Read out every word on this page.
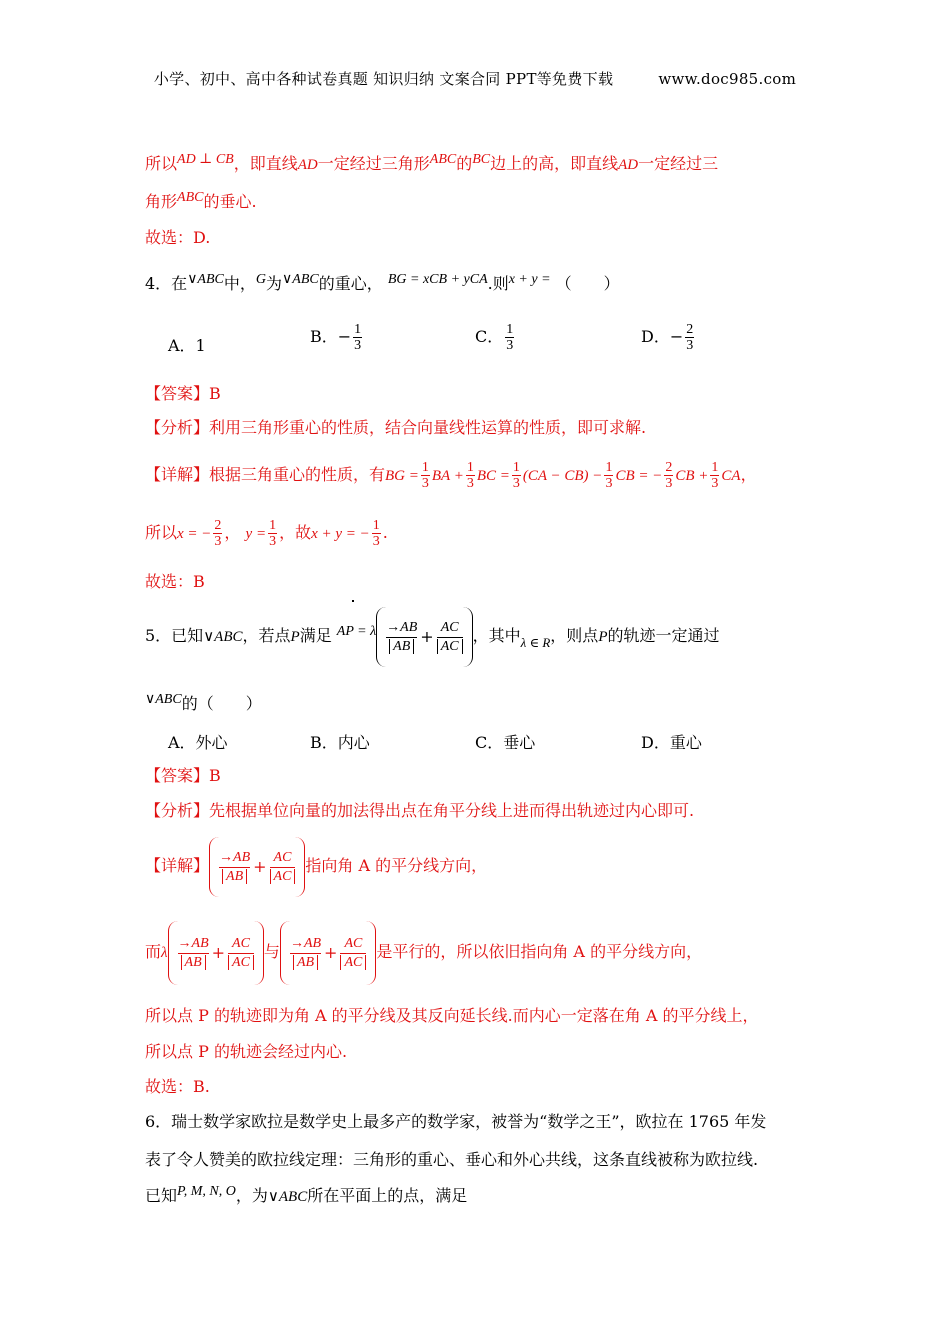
小学、初中、高中各种试卷真题 知识归纳 文案合同 PPT等免费下载	www.doc985.com
所以AD ⊥ CB，即直线AD一定经过三角形ABC的BC边上的高，即直线AD一定经过三
角形ABC的垂心.
故选：D.
4．在∨ABC中，G为∨ABC的重心， BG = xCB + yCA.则x + y = （　　）
A．1	B．− $\frac{1}{3}$	C． $\frac{1}{3}$	D．− $\frac{2}{3}$
【答案】B
【分析】利用三角形重心的性质，结合向量线性运算的性质，即可求解.
【详解】根据三角重心的性质，有BG = $\frac{1}{3}$ BA + $\frac{1}{3}$ BC = $\frac{1}{3} (CA - CB) - \frac{1}{3}$ CB = − $\frac{2}{3}$ CB + $\frac{1}{3}$ CA，
所以x = − $\frac{2}{3}$ ， $y = \frac{1}{3}$ ，故x + y = − $\frac{1}{3}$ .
故选：B
5．已知∨ABC，若点P满足 AP = λ $\frac{\to AB}{AB} + \frac{AC}{AC}$ ，其中$_{\lambda \in R}$，则点P的轨迹一定通过
∨ABC的（　　）
A．外心	B．内心	C．垂心	D．重心
【答案】B
【分析】先根据单位向量的加法得出点在角平分线上进而得出轨迹过内心即可.
【详解】 $\frac{\to AB}{AB} + \frac{AC}{AC}$ 指向角 A 的平分线方向，
而λ $\frac{\to AB}{AB} + \frac{AC}{AC}$ 与 $\frac{\to AB}{AB} + \frac{AC}{AC}$ 是平行的，所以依旧指向角 A 的平分线方向，
所以点 P 的轨迹即为角 A 的平分线及其反向延长线.而内心一定落在角 A 的平分线上，
所以点 P 的轨迹会经过内心.
故选：B.
6．瑞士数学家欧拉是数学史上最多产的数学家，被誉为“数学之王”，欧拉在 1765 年发
表了令人赞美的欧拉线定理：三角形的重心、垂心和外心共线，这条直线被称为欧拉线.
已知P, M, N, O，为∨ABC所在平面上的点，满足
